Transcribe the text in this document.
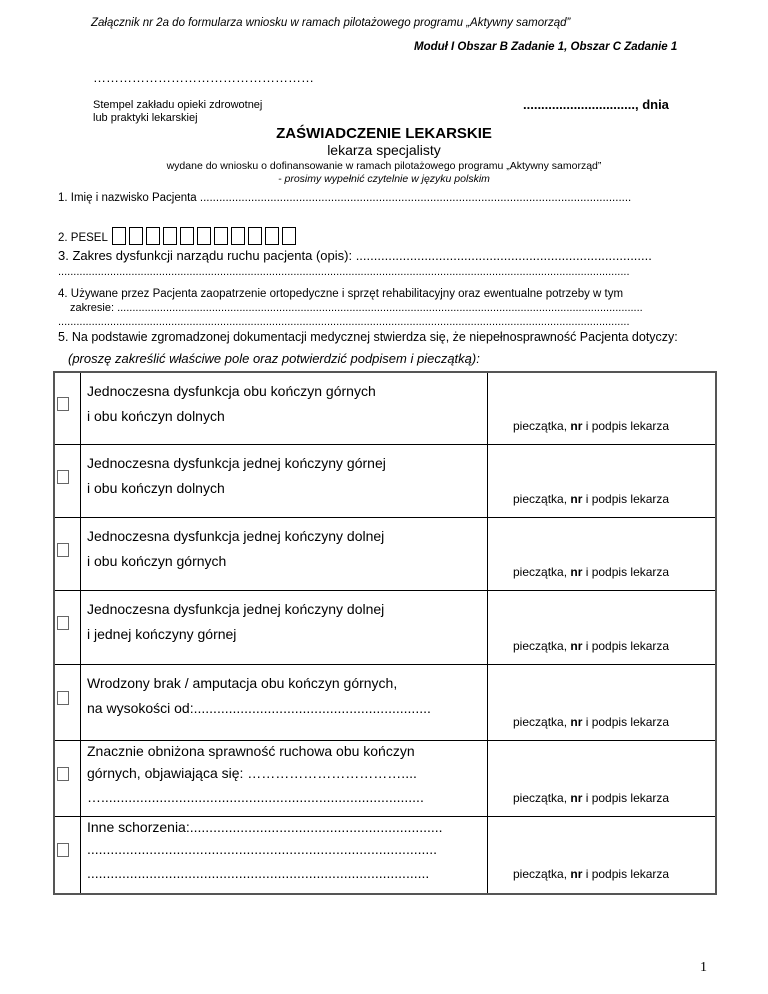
Załącznik nr 2a do formularza wniosku w ramach pilotażowego programu „Aktywny samorząd”
Moduł I Obszar B Zadanie 1, Obszar C Zadanie 1
……………………………………………
Stempel zakładu opieki zdrowotnej
lub praktyki lekarskiej
..............................., dnia
ZAŚWIADCZENIE LEKARSKIE
lekarza specjalisty
wydane do wniosku o dofinansowanie w ramach pilotażowego programu „Aktywny samorząd”
- prosimy wypełnić czytelnie w języku polskim
1. Imię i nazwisko Pacjenta .......................................................................................................................................
2. PESEL
3. Zakres dysfunkcji narządu ruchu pacjenta (opis): ..................................................................................
...........................................................................................................................................................................................
4. Używane przez Pacjenta zaopatrzenie ortopedyczne i sprzęt rehabilitacyjny oraz ewentualne potrzeby w tym
zakresie: ............................................................................................................................................................................
...........................................................................................................................................................................................
5. Na podstawie zgromadzonej dokumentacji medycznej stwierdza się, że niepełnosprawność Pacjenta dotyczy:
(proszę zakreślić właściwe pole oraz potwierdzić podpisem i pieczątką):
Jednoczesna dysfunkcja obu kończyn górnych
i obu kończyn dolnych
pieczątka, nr i podpis lekarza
Jednoczesna dysfunkcja jednej kończyny górnej
i obu kończyn dolnych
pieczątka, nr i podpis lekarza
Jednoczesna dysfunkcja jednej kończyny dolnej
i obu kończyn górnych
pieczątka, nr i podpis lekarza
Jednoczesna dysfunkcja jednej kończyny dolnej
i jednej kończyny górnej
pieczątka, nr i podpis lekarza
Wrodzony brak / amputacja obu kończyn górnych,
na wysokości od:.............................................................
pieczątka, nr i podpis lekarza
Znacznie obniżona sprawność ruchowa obu kończyn
górnych, objawiająca się: ……………………………....
…...................................................................................	pieczątka, nr i podpis lekarza
Inne schorzenia:.................................................................
..........................................................................................
........................................................................................	pieczątka, nr i podpis lekarza
1
